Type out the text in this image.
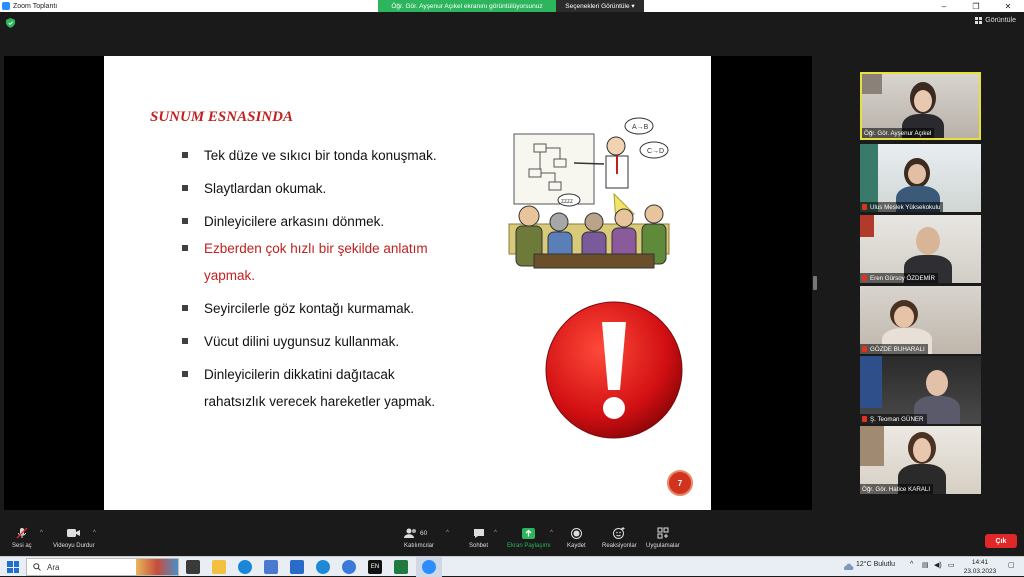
Zoom Toplantı	–	❐	✕
Öğr. Gör. Ayşenur Açıkel ekranını görüntülüyorsunuz	Seçenekleri Görüntüle ▾
Görüntüle
SUNUM ESNASINDA
Tek düze ve sıkıcı bir tonda konuşmak.
Slaytlardan okumak.
Dinleyicilere arkasını dönmek.
Ezberden çok hızlı bir şekilde anlatım
yapmak.
Seyircilerle göz kontağı kurmamak.
Vücut dilini uygunsuz kullanmak.
Dinleyicilerin dikkatini dağıtacak
rahatsızlık verecek hareketler yapmak.
A→B
C→D
zzzz
7
Öğr. Gör. Ayşenur Açıkel
Ulus Meslek Yüksekokulu
Eren Gürsoy ÖZDEMİR
GÖZDE BUHARALI
Ş. Teoman GÜNER
Öğr. Gör. Hatice KARALI
Sesi aç
^
Videoyu Durdur
^	60
Katılımcılar
^
Sohbet
^
Ekran Paylaşımı
^
Kaydet	Reaksiyonlar Uygulamalar
Çık
Ara	EN	12°C Bulutlu ^ ▤ ◀) ▭	14:41
23.03.2023
▢
